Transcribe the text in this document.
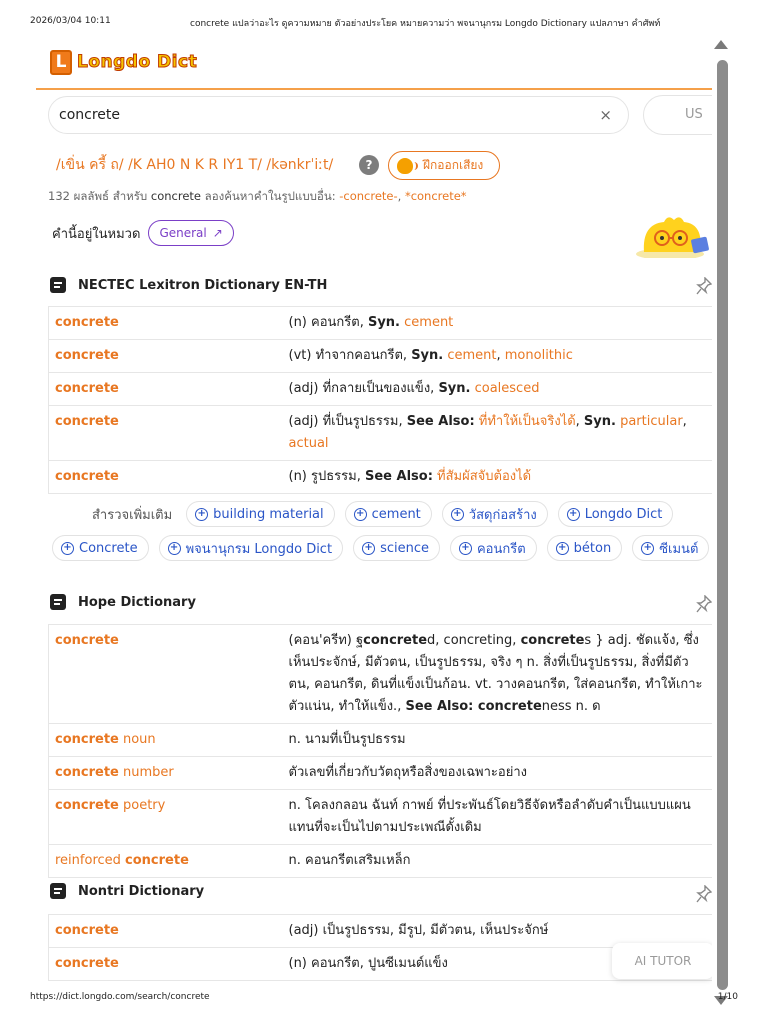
2026/03/04 10:11	concrete แปลว่าอะไร ดูความหมาย ตัวอย่างประโยค หมายความว่า พจนานุกรม Longdo Dictionary แปลภาษา คำศัพท์
L Longdo Dict
concrete	×	US
/เขิ่น ครี้ ถ/ /K AH0 N K R IY1 T/ /kənkrˈiːt/	?	ฝึกออกเสียง
132 ผลลัพธ์ สำหรับ concrete ลองค้นหาคำในรูปแบบอื่น: -concrete-, *concrete*
คำนี้อยู่ในหมวด General ↗
NECTEC Lexitron Dictionary EN-TH
concrete	(n) คอนกรีต, Syn. cement
concrete	(vt) ทำจากคอนกรีต, Syn. cement, monolithic
concrete	(adj) ที่กลายเป็นของแข็ง, Syn. coalesced
concrete	(adj) ที่เป็นรูปธรรม, See Also: ที่ทำให้เป็นจริงได้, Syn. particular, actual
concrete	(n) รูปธรรม, See Also: ที่สัมผัสจับต้องได้
สำรวจเพิ่มเติม	+ building material	+ cement	+ วัสดุก่อสร้าง	+ Longdo Dict
+ Concrete	+ พจนานุกรม Longdo Dict	+ science	+ คอนกรีต	+ béton	+ ซีเมนต์
Hope Dictionary
concrete	(คอน'ครีท) ฐconcreted, concreting, concretes } adj. ชัดแจ้ง, ซึ่งเห็นประจักษ์, มีตัวตน, เป็นรูปธรรม, จริง ๆ n. สิ่งที่เป็นรูปธรรม, สิ่งที่มีตัวตน, คอนกรีต, ดินที่แข็งเป็นก้อน. vt. วางคอนกรีต, ใส่คอนกรีต, ทำให้เกาะตัวแน่น, ทำให้แข็ง., See Also: concreteness n. ด
concrete noun	n. นามที่เป็นรูปธรรม
concrete number	ตัวเลขที่เกี่ยวกับวัตถุหรือสิ่งของเฉพาะอย่าง
concrete poetry	n. โคลงกลอน ฉันท์ กาพย์ ที่ประพันธ์โดยวิธีจัดหรือลำดับคำเป็นแบบแผน แทนที่จะเป็นไปตามประเพณีดั้งเดิม
reinforced concrete	n. คอนกรีตเสริมเหล็ก
Nontri Dictionary
concrete	(adj) เป็นรูปธรรม, มีรูป, มีตัวตน, เห็นประจักษ์
concrete	(n) คอนกรีต, ปูนซีเมนต์แข็ง	AI TUTOR
https://dict.longdo.com/search/concrete	1/10
